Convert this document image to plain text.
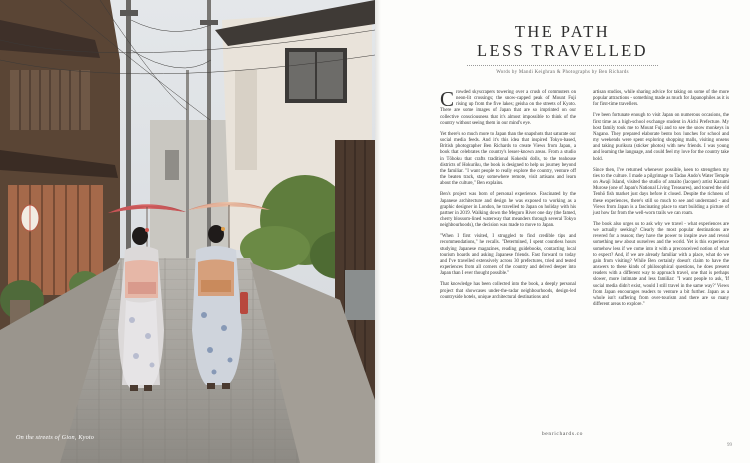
On the streets of Gion, Kyoto
THE PATH
LESS TRAVELLED
Words by Mandi Keighran & Photographs by Ben Richards

Crowded skyscrapers towering over a crush of commuters on neon-lit crossings; the snow-capped peak of Mount Fuji rising up from the five lakes; geisha on the streets of Kyoto. There are some images of Japan that are so imprinted on our collective consciousness that it's almost impossible to think of the country without seeing them in our mind's eye.

Yet there's so much more to Japan than the snapshots that saturate our social media feeds. And it's this idea that inspired Tokyo-based, British photographer Ben Richards to create Views from Japan, a book that celebrates the country's lesser-known areas. From a studio in Tōhoku that crafts traditional Kokeshi dolls, to the teahouse districts of Hokuriku, the book is designed to help us journey beyond the familiar. "I want people to really explore the country, venture off the beaten track, stay somewhere remote, visit artisans and learn about the culture," Ben explains.

Ben's project was born of personal experience. Fascinated by the Japanese architecture and design he was exposed to working as a graphic designer in London, he travelled to Japan on holiday with his partner in 2019. Walking down the Meguro River one day (the famed, cherry blossom-lined waterway that meanders through several Tokyo neighbourhoods), the decision was made to move to Japan.

"When I first visited, I struggled to find credible tips and recommendations," he recalls. "Determined, I spent countless hours studying Japanese magazines, reading guidebooks, contacting local tourism boards and asking Japanese friends. Fast forward to today and I've travelled extensively across 30 prefectures, tried and tested experiences from all corners of the country and delved deeper into Japan than I ever thought possible."

That knowledge has been collected into the book, a deeply personal project that showcases under-the-radar neighbourhoods, design-led countryside hotels, unique architectural destinations and

artisan studios, while sharing advice for taking on some of the more popular attractions - something made as much for Japanophiles as it is for first-time travellers.

I've been fortunate enough to visit Japan on numerous occasions, the first time as a high-school exchange student in Aichi Prefecture. My host family took me to Mount Fuji and to see the snow monkeys in Nagano. They prepared elaborate bento box lunches for school and my weekends were spent exploring shopping malls, visiting onsens and taking purikura (sticker photos) with new friends. I was young and learning the language, and could feel my love for the country take hold.

Since then, I've returned whenever possible, keen to strengthen my ties to the culture. I made a pilgrimage to Tadao Ando's Water Temple on Awaji Island, visited the studio of amaito (lacquer) artist Kazumi Murose (one of Japan's National Living Treasures), and toured the old Tenhō fish market just days before it closed. Despite the richness of these experiences, there's still so much to see and understand - and Views from Japan is a fascinating place to start building a picture of just how far from the well-worn trails we can roam.

The book also urges us to ask why we travel - what experiences are we actually seeking? Clearly the most popular destinations are revered for a reason; they have the power to inspire awe and reveal something new about ourselves and the world. Yet is this experience somehow less if we come into it with a preconceived notion of what to expect? And, if we are already familiar with a place, what do we gain from visiting? While Ben certainly doesn't claim to have the answers to these kinds of philosophical questions, he does present readers with a different way to approach travel, one that is perhaps slower, more intimate and less familiar: "I want people to ask, 'If social media didn't exist, would I still travel in the same way?' Views from Japan encourages readers to venture a bit further. Japan as a whole isn't suffering from over-tourism and there are so many different areas to explore."

benrichards.co
99
